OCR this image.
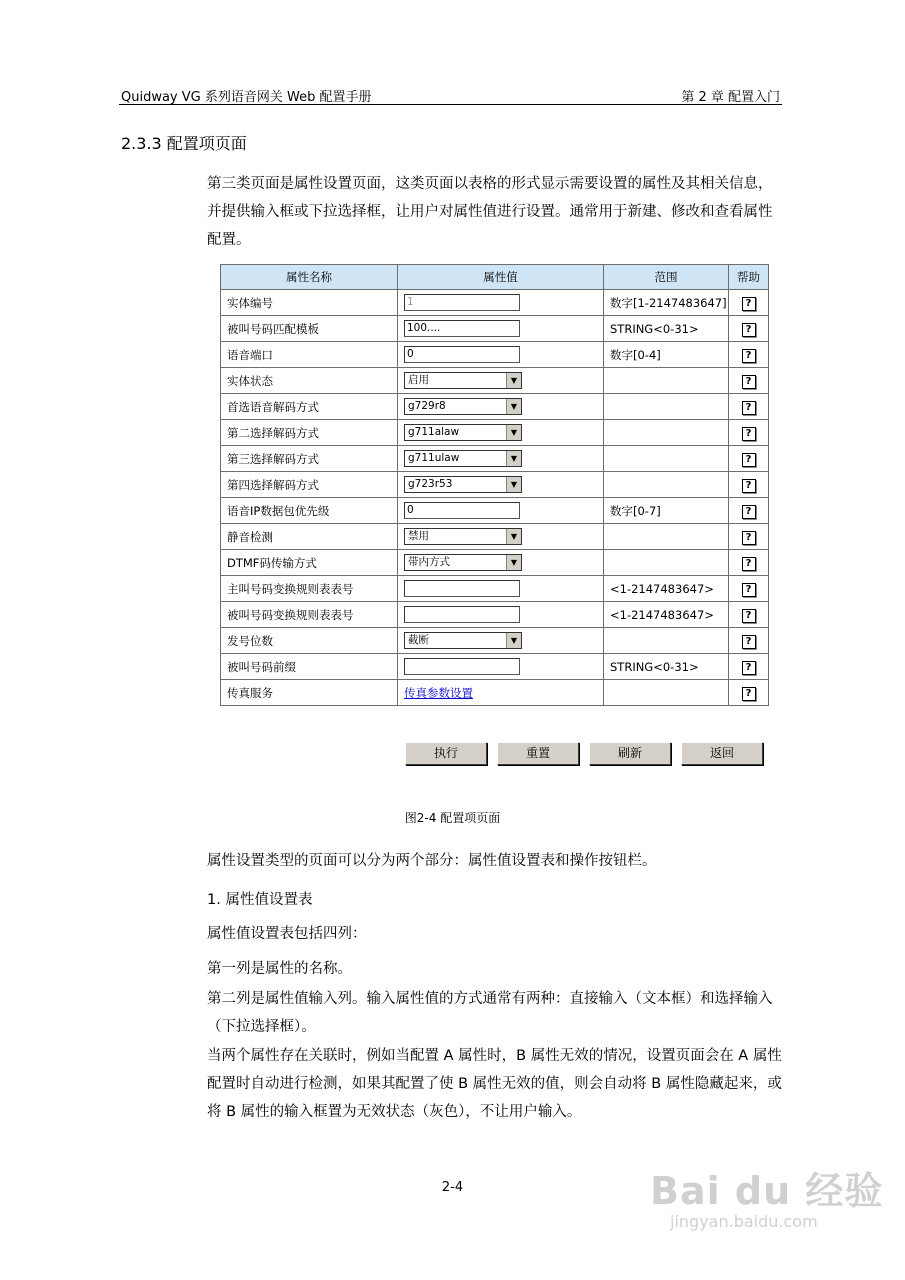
Quidway VG 系列语音网关 Web 配置手册	第 2 章 配置入门
2.3.3 配置项页面
第三类页面是属性设置页面，这类页面以表格的形式显示需要设置的属性及其相关信息，并提供输入框或下拉选择框，让用户对属性值进行设置。通常用于新建、修改和查看属性配置。
属性名称	属性值	范围	帮助
实体编号	1	数字[1-2147483647]	?
被叫号码匹配模板	100....	STRING<0-31>	?
语音端口	0	数字[0-4]	?
实体状态	启用 ▼		?
首选语音解码方式	g729r8 ▼		?
第二选择解码方式	g711alaw ▼		?
第三选择解码方式	g711ulaw ▼		?
第四选择解码方式	g723r53 ▼		?
语音IP数据包优先级	0	数字[0-7]	?
静音检测	禁用 ▼		?
DTMF码传输方式	带内方式 ▼		?
主叫号码变换规则表表号		<1-2147483647>	?
被叫号码变换规则表表号		<1-2147483647>	?
发号位数	截断 ▼		?
被叫号码前缀		STRING<0-31>	?
传真服务	传真参数设置		?
执行	重置	刷新	返回
图2-4 配置项页面
属性设置类型的页面可以分为两个部分：属性值设置表和操作按钮栏。
1. 属性值设置表
属性值设置表包括四列：
第一列是属性的名称。
第二列是属性值输入列。输入属性值的方式通常有两种：直接输入（文本框）和选择输入（下拉选择框）。
当两个属性存在关联时，例如当配置 A 属性时，B 属性无效的情况，设置页面会在 A 属性配置时自动进行检测，如果其配置了使 B 属性无效的值，则会自动将 B 属性隐藏起来，或将 B 属性的输入框置为无效状态（灰色），不让用户输入。
2-4	Bai du 经验
jingyan.baidu.com
